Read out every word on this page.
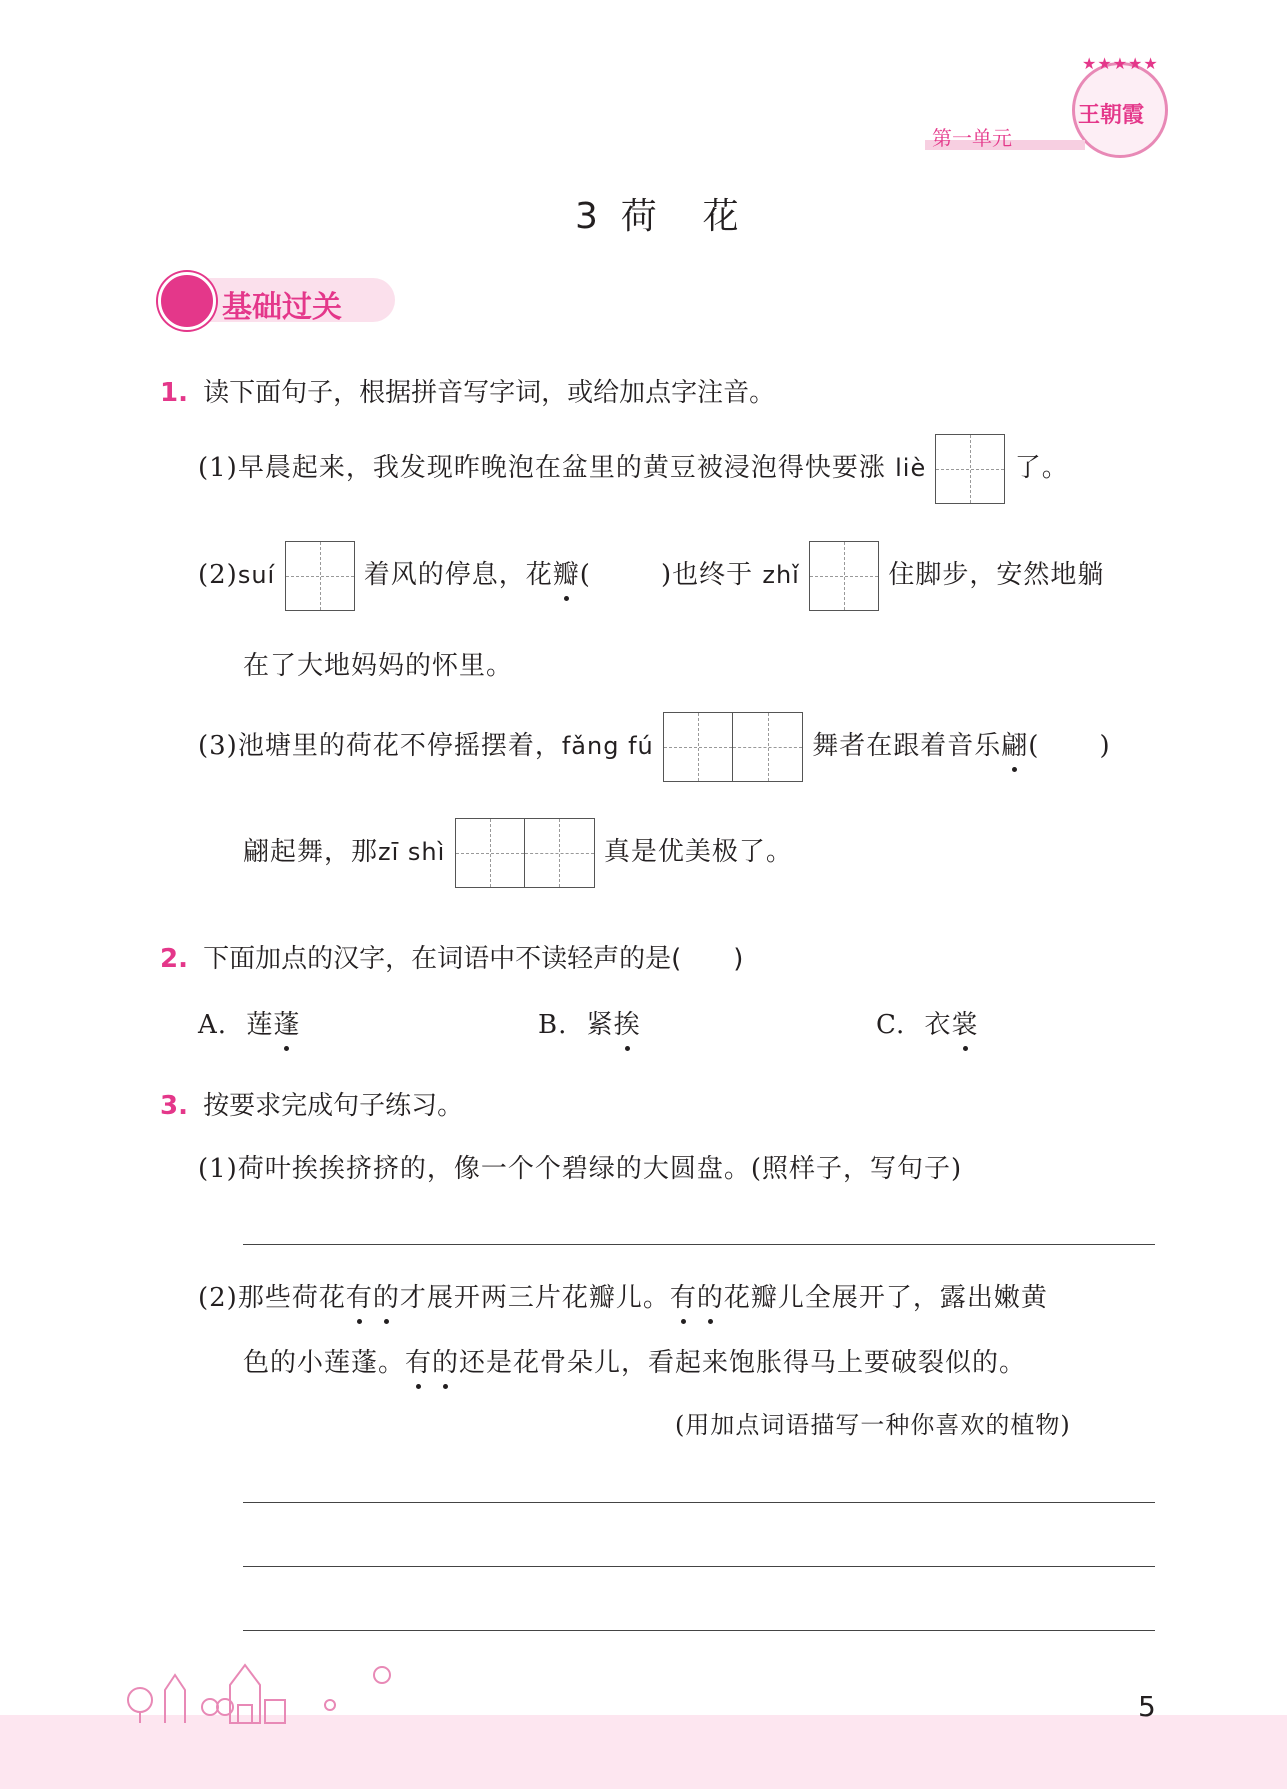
★★★★★
王朝霞
第一单元
3  荷    花
基础过关
1. 读下面句子，根据拼音写字词，或给加点字注音。
(1)早晨起来，我发现昨晚泡在盆里的黄豆被浸泡得快要涨 liè	了。
(2)suí	着风的停息，花瓣(	)也终于 zhǐ	住脚步，安然地躺
在了大地妈妈的怀里。
(3)池塘里的荷花不停摇摆着，fǎng fú	舞者在跟着音乐翩( )
翩起舞，那zī shì	真是优美极了。
2. 下面加点的汉字，在词语中不读轻声的是(　　)
A. 莲蓬	B. 紧挨	C. 衣裳
3. 按要求完成句子练习。
(1)荷叶挨挨挤挤的，像一个个碧绿的大圆盘。(照样子，写句子)
(2)那些荷花有的才展开两三片花瓣儿。有的花瓣儿全展开了，露出嫩黄
色的小莲蓬。有的还是花骨朵儿，看起来饱胀得马上要破裂似的。
(用加点词语描写一种你喜欢的植物)
5
